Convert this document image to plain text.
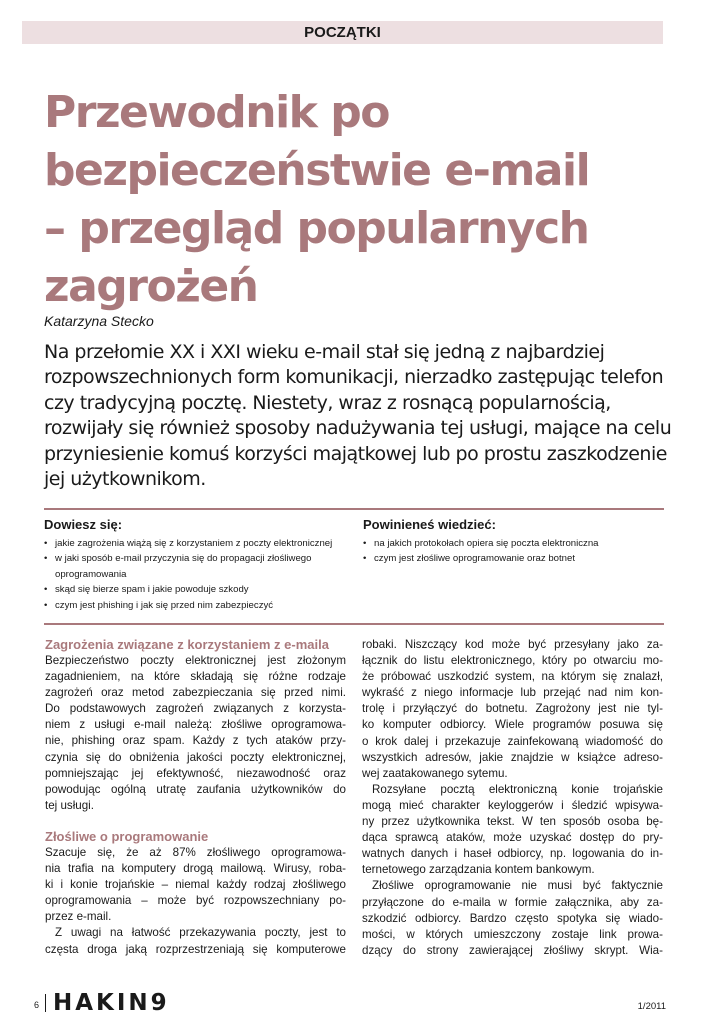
POCZĄTKI
Przewodnik po
bezpieczeństwie e-mail
– przegląd popularnych
zagrożeń
Katarzyna Stecko
Na przełomie XX i XXI wieku e-mail stał się jedną z najbardziej
rozpowszechnionych form komunikacji, nierzadko zastępując telefon
czy tradycyjną pocztę. Niestety, wraz z rosnącą popularnością,
rozwijały się również sposoby nadużywania tej usługi, mające na celu
przyniesienie komuś korzyści majątkowej lub po prostu zaszkodzenie
jej użytkownikom.
Dowiesz się:
• jakie zagrożenia wiążą się z korzystaniem z poczty elektronicznej
• w jaki sposób e-mail przyczynia się do propagacji złośliwego
oprogramowania
• skąd się bierze spam i jakie powoduje szkody
• czym jest phishing i jak się przed nim zabezpieczyć
Powinieneś wiedzieć:
• na jakich protokołach opiera się poczta elektroniczna
• czym jest złośliwe oprogramowanie oraz botnet
Zagrożenia związane z korzystaniem z e-maila

Bezpieczeństwo poczty elektronicznej jest złożonym
zagadnieniem, na które składają się różne rodzaje
zagrożeń oraz metod zabezpieczania się przed nimi.
Do podstawowych zagrożeń związanych z korzysta-
niem z usługi e-mail należą: złośliwe oprogramowa-
nie, phishing oraz spam. Każdy z tych ataków przy-
czynia się do obniżenia jakości poczty elektronicznej,
pomniejszając jej efektywność, niezawodność oraz
powodując ogólną utratę zaufania użytkowników do
tej usługi.

Złośliwe o programowanie

Szacuje się, że aż 87% złośliwego oprogramowa-
nia trafia na komputery drogą mailową. Wirusy, roba-
ki i konie trojańskie – niemal każdy rodzaj złośliwego
oprogramowania – może być rozpowszechniany po-
przez e-mail.

Z uwagi na łatwość przekazywania poczty, jest to
częsta droga jaką rozprzestrzeniają się komputerowe

robaki. Niszczący kod może być przesyłany jako za-
łącznik do listu elektronicznego, który po otwarciu mo-
że próbować uszkodzić system, na którym się znalazł,
wykraść z niego informacje lub przejąć nad nim kon-
trolę i przyłączyć do botnetu. Zagrożony jest nie tyl-
ko komputer odbiorcy. Wiele programów posuwa się
o krok dalej i przekazuje zainfekowaną wiadomość do
wszystkich adresów, jakie znajdzie w książce adreso-
wej zaatakowanego sytemu.

Rozsyłane pocztą elektroniczną konie trojańskie
mogą mieć charakter keyloggerów i śledzić wpisywa-
ny przez użytkownika tekst. W ten sposób osoba bę-
dąca sprawcą ataków, może uzyskać dostęp do pry-
watnych danych i haseł odbiorcy, np. logowania do in-
ternetowego zarządzania kontem bankowym.

Złośliwe oprogramowanie nie musi być faktycznie
przyłączone do e-maila w formie załącznika, aby za-
szkodzić odbiorcy. Bardzo często spotyka się wiado-
mości, w których umieszczony zostaje link prowa-
dzący do strony zawierającej złośliwy skrypt. Wia-

6 HAKIN9	1/2011
